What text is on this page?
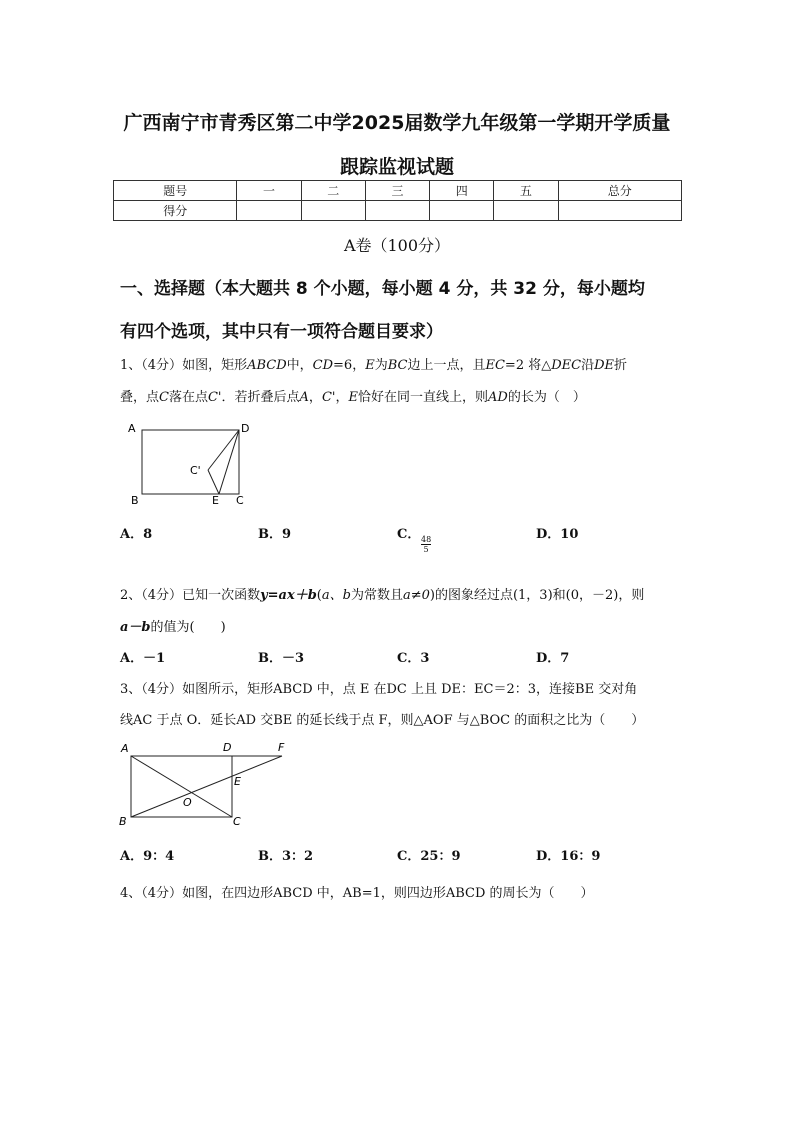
广西南宁市青秀区第二中学2025届数学九年级第一学期开学质量
跟踪监视试题
题号	一	二	三	四	五	总分
得分						
A卷（100分）
一、选择题（本大题共 8 个小题，每小题 4 分，共 32 分，每小题均
有四个选项，其中只有一项符合题目要求）
1、（4分）如图，矩形ABCD中，CD=6，E为BC边上一点，且EC=2 将△DEC沿DE折
叠，点C落在点C'．若折叠后点A，C'，E恰好在同一直线上，则AD的长为（　）
A	D
B	C
E
C'
A．8	B．9	C．
$\frac{48}{5}$
D．10
2、（4分）已知一次函数y=ax＋b(a、b为常数且a≠0)的图象经过点(1，3)和(0，－2)，则
a－b的值为(　　)
A．－1	B．－3	C．3	D．7
3、（4分）如图所示，矩形ABCD 中，点 E 在DC 上且 DE：EC＝2：3，连接BE 交对角
线AC 于点 O．延长AD 交BE 的延长线于点 F，则△AOF 与△BOC 的面积之比为（　　）
A	D	F
E
O
B	C
A．9：4	B．3：2	C．25：9	D．16：9
4、（4分）如图，在四边形ABCD 中，AB=1，则四边形ABCD 的周长为（　　）
